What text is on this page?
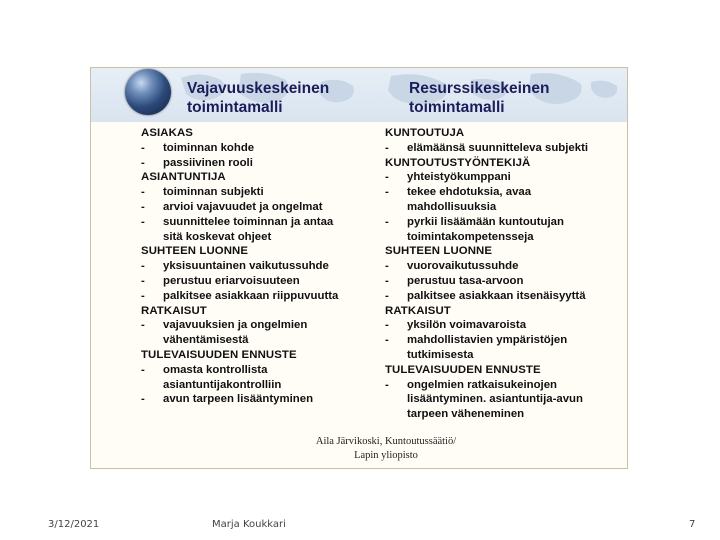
Vajavuuskeskeinen
toimintamalli
Resurssikeskeinen
toimintamalli
ASIAKAS
-	toiminnan kohde
-	passiivinen rooli
ASIANTUNTIJA
-	toiminnan subjekti
-	arvioi vajavuudet ja ongelmat
-	suunnittelee toiminnan ja antaa
sitä koskevat ohjeet
SUHTEEN LUONNE
-	yksisuuntainen vaikutussuhde
-	perustuu eriarvoisuuteen
-	palkitsee asiakkaan riippuvuutta
RATKAISUT
-	vajavuuksien ja ongelmien
vähentämisestä
TULEVAISUUDEN ENNUSTE
-	omasta kontrollista
asiantuntijakontrolliin
-	avun tarpeen lisääntyminen
KUNTOUTUJA
-	elämäänsä suunnitteleva subjekti
KUNTOUTUSTYÖNTEKIJÄ
-	yhteistyökumppani
-	tekee ehdotuksia, avaa
mahdollisuuksia
-	pyrkii lisäämään kuntoutujan
toimintakompetensseja
SUHTEEN LUONNE
-	vuorovaikutussuhde
-	perustuu tasa-arvoon
-	palkitsee asiakkaan itsenäisyyttä
RATKAISUT
-	yksilön voimavaroista
-	mahdollistavien ympäristöjen
tutkimisesta
TULEVAISUUDEN ENNUSTE
-	ongelmien ratkaisukeinojen
lisääntyminen. asiantuntija-avun
tarpeen väheneminen
Aila Järvikoski, Kuntoutussäätiö/
Lapin yliopisto
3/12/2021	Marja Koukkari	7
